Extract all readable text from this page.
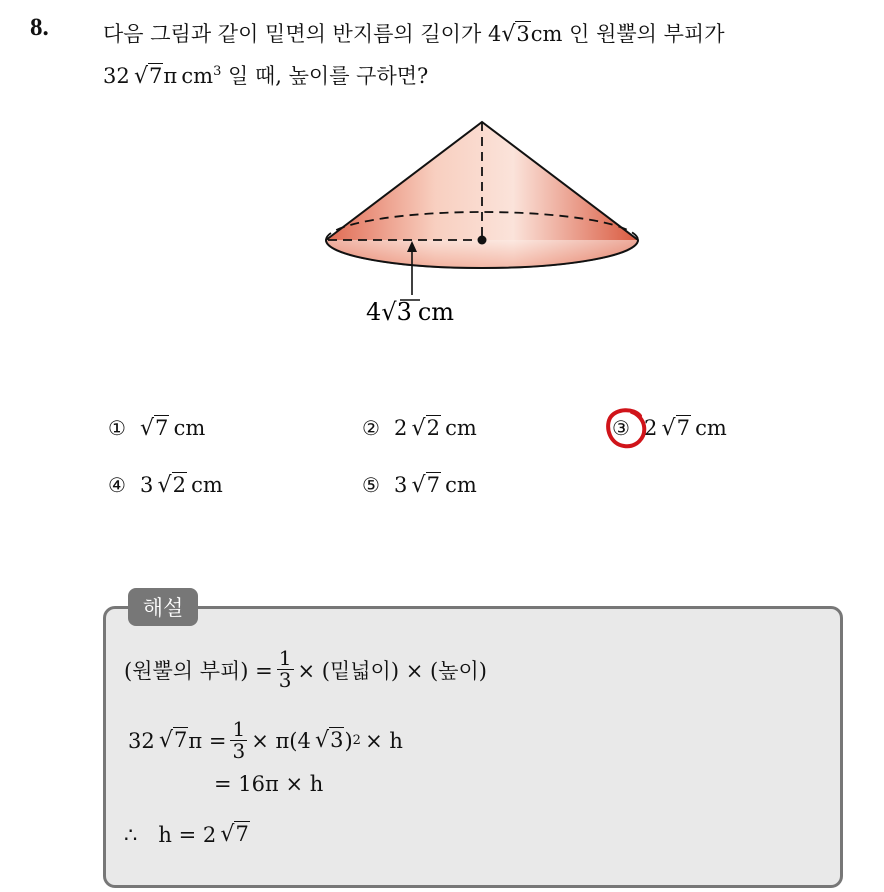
8.	다음 그림과 같이 밑면의 반지름의 길이가 4√3cm 인 원뿔의 부피가
32  √7π  $cm^3$ 일 때, 높이를 구하면?
4√3 cm
① √7  cm	② 2  √2  cm	③ 2  √7  cm
④ 3  √2  cm	⑤ 3  √7  cm
해설
(원뿔의 부피) = $\frac{1}{3}$ × (밑넓이) × (높이)
32
  √7 $\pi = \frac{1}{3} \times \pi(4$
  √3 ) 2
  × h
= 16π × h
∴
  h = 2
  √7
